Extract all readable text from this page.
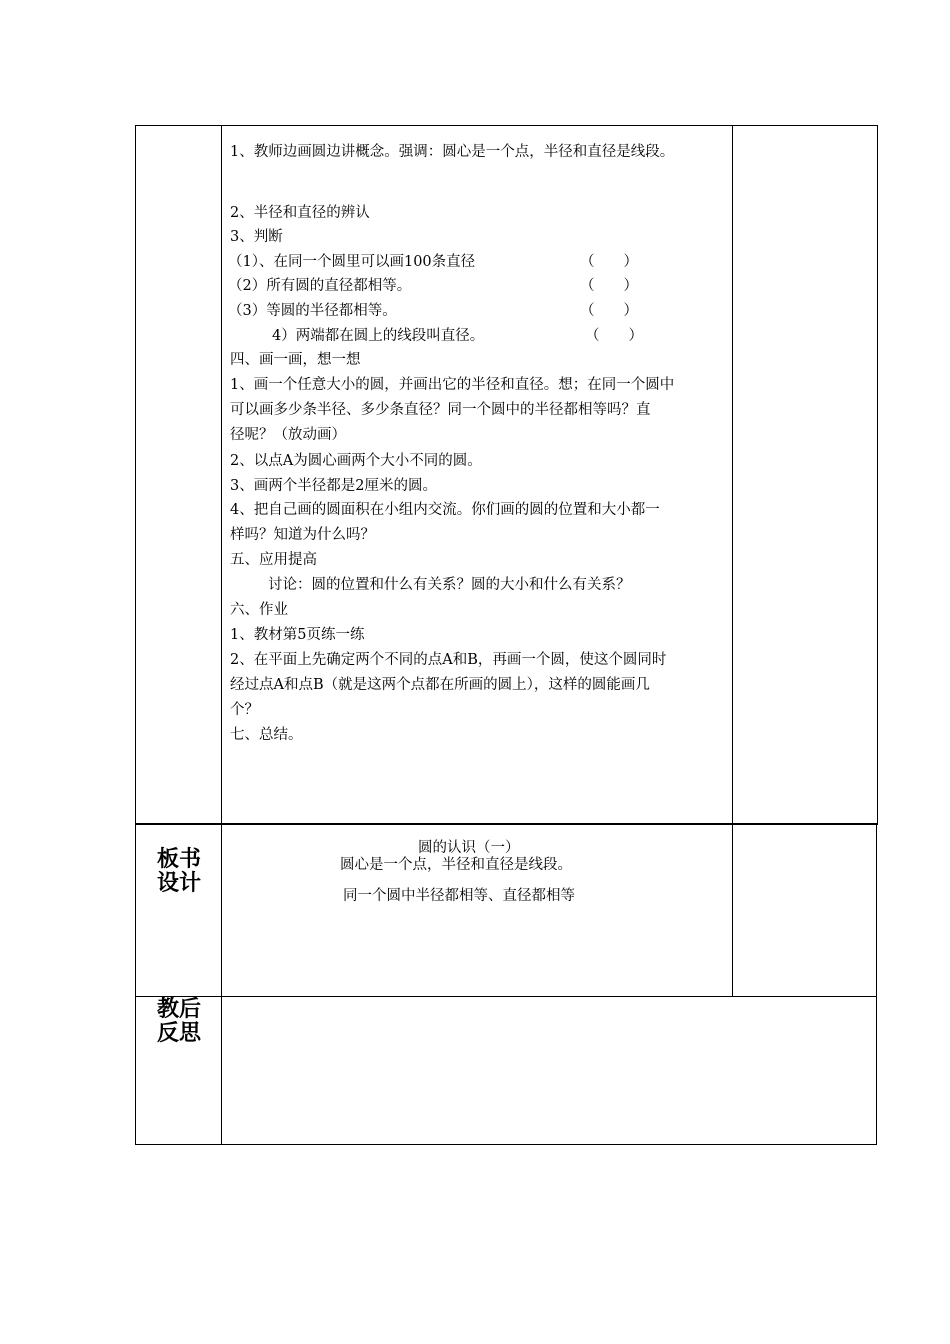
1、教师边画圆边讲概念。强调：圆心是一个点，半径和直径是线段。
2、半径和直径的辨认
3、判断
（1）、在同一个圆里可以画100条直径
（2）所有圆的直径都相等。
（3）等圆的半径都相等。
4）两端都在圆上的线段叫直径。
四、画一画，想一想
1、画一个任意大小的圆，并画出它的半径和直径。想；在同一个圆中
可以画多少条半径、多少条直径？同一个圆中的半径都相等吗？直
径呢？（放动画）
2、以点A为圆心画两个大小不同的圆。
3、画两个半径都是2厘米的圆。
4、把自己画的圆面积在小组内交流。你们画的圆的位置和大小都一
样吗？知道为什么吗？
五、应用提高
讨论：圆的位置和什么有关系？圆的大小和什么有关系？
六、作业
1、教材第5页练一练
2、在平面上先确定两个不同的点A和B，再画一个圆，使这个圆同时
经过点A和点B（就是这两个点都在所画的圆上），这样的圆能画几
个？
七、总结。
（　　）
（　　）
（　　）
（　　）
板书
设计
圆的认识（一）
圆心是一个点，半径和直径是线段。
同一个圆中半径都相等、直径都相等
教后
反思
